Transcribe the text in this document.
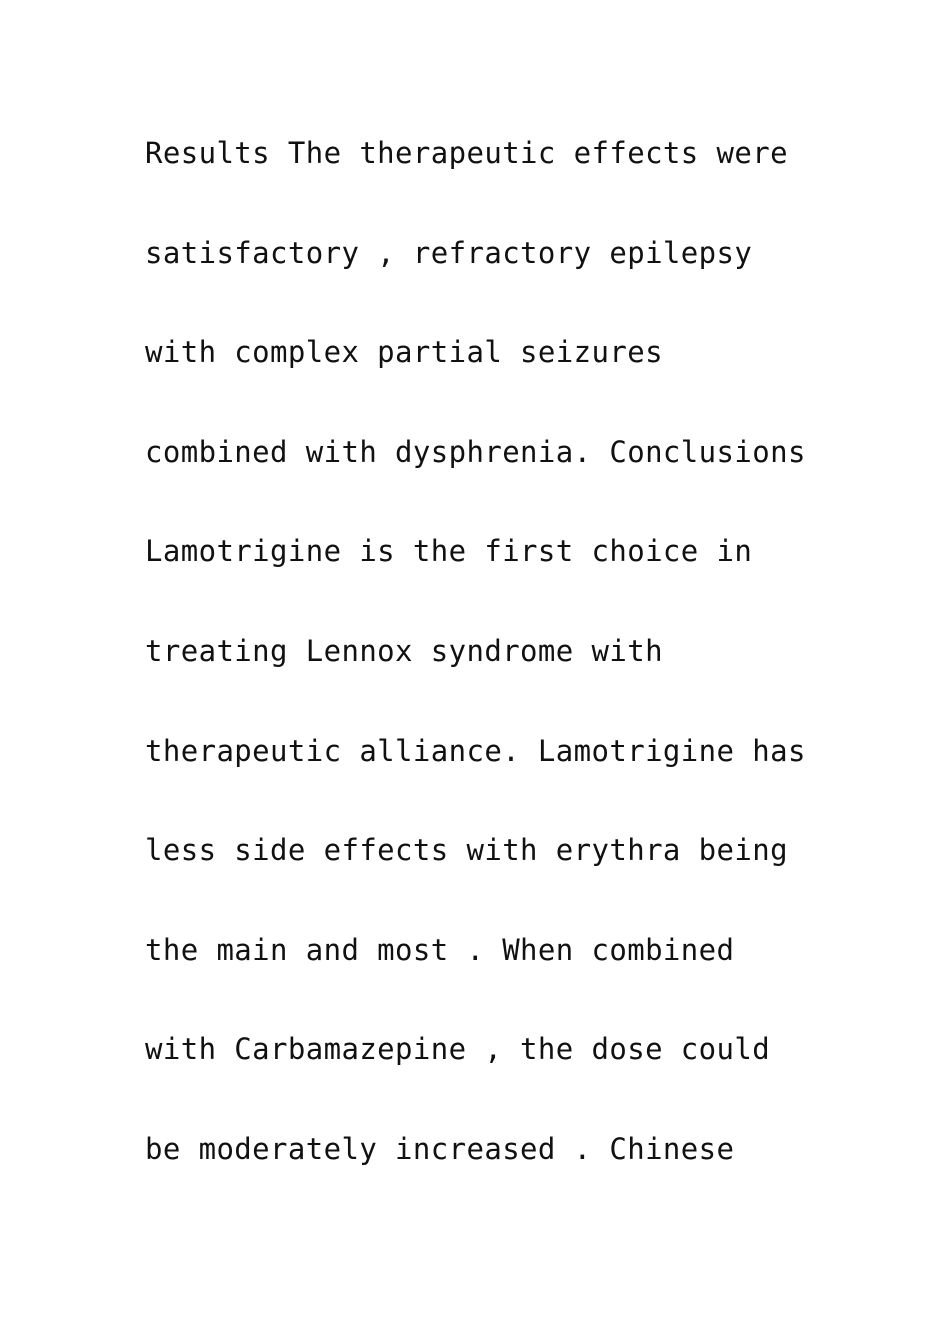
Results The therapeutic effects were
satisfactory , refractory epilepsy
with complex partial seizures
combined with dysphrenia. Conclusions
Lamotrigine is the first choice in
treating Lennox syndrome with
therapeutic alliance. Lamotrigine has
less side effects with erythra being
the main and most . When combined
with Carbamazepine , the dose could
be moderately increased . Chinese
